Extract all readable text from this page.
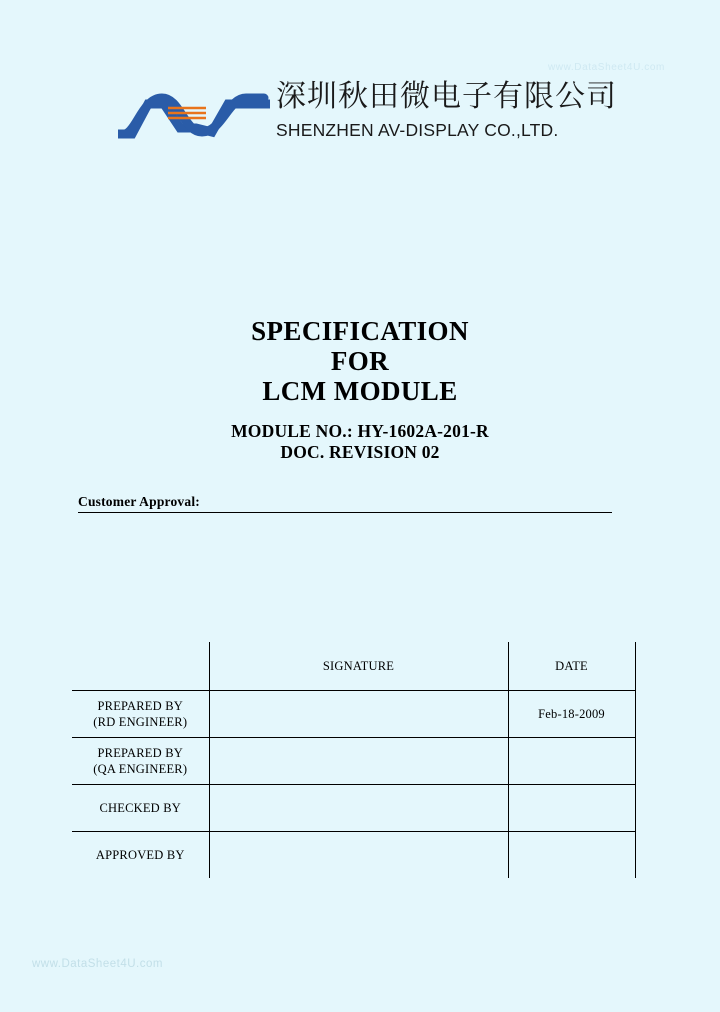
www.DataSheet4U.com
深圳秋田微电子有限公司
SHENZHEN AV-DISPLAY CO.,LTD.
SPECIFICATION
FOR
LCM MODULE
MODULE NO.: HY-1602A-201-R
DOC. REVISION 02
Customer Approval:
	SIGNATURE	DATE

PREPARED BY
(RD ENGINEER)		Feb-18-2009

PREPARED BY
(QA ENGINEER)		

CHECKED BY		

APPROVED BY		

www.DataSheet4U.com
